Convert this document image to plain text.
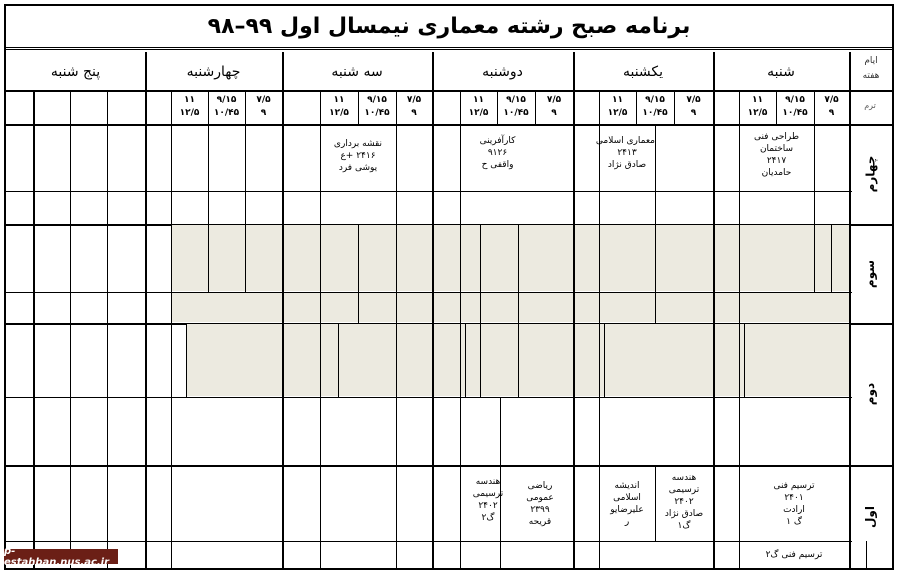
برنامه صبح رشته معماری نیمسال اول ۹۹–۹۸
شنبه
یکشنبه
دوشنبه
سه شنبه
چهارشنبه
پنج شنبه
ایام
هفته
ترم
۷/۵
۹
۹/۱۵
۱۰/۴۵
۱۱
۱۲/۵
۷/۵
۹
۹/۱۵
۱۰/۴۵
۱۱
۱۲/۵
۷/۵
۹
۹/۱۵
۱۰/۴۵
۱۱
۱۲/۵
۷/۵
۹
۹/۱۵
۱۰/۴۵
۱۱
۱۲/۵
۷/۵
۹
۹/۱۵
۱۰/۴۵
۱۱
۱۲/۵
چهارم
سوم
دوم
اول
طراحی فنی
ساختمان
۲۴۱۷
حامدیان
معماری اسلامی
۲۴۱۳
صادق نژاد
کارآفرینی
۹۱۲۶
واقفی ح
نقشه برداری
۲۴۱۶ +ع
یوشی فرد
ترسیم فنی
۲۴۰۱
ارادت
گ ۱
هندسه
ترسیمی
۲۴۰۲
صادق نژاد
گ۱
اندیشه
اسلامی
علیرضایو
ر
ریاضی
عمومی
۲۳۹۹
قریحه
هندسه
ترسیمی
۲۴۰۲
گ۲
ترسیم فنی گ۲
p-estahban.nus.ac.ir
